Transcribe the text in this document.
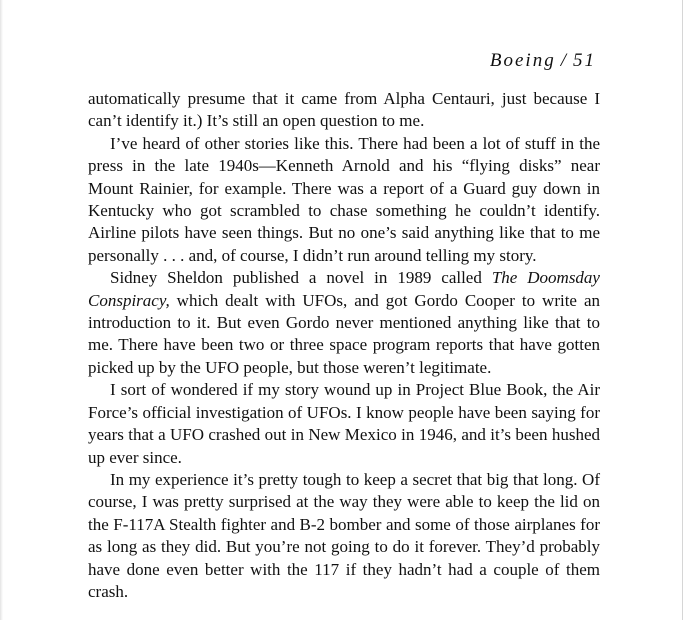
Boeing / 51

automatically presume that it came from Alpha Centauri, just because I can’t identify it.) It’s still an open question to me.

I’ve heard of other stories like this. There had been a lot of stuff in the press in the late 1940s—Kenneth Arnold and his “flying disks” near Mount Rainier, for example. There was a report of a Guard guy down in Kentucky who got scrambled to chase something he couldn’t identify. Airline pilots have seen things. But no one’s said anything like that to me personally . . . and, of course, I didn’t run around telling my story.

Sidney Sheldon published a novel in 1989 called The Doomsday Conspiracy, which dealt with UFOs, and got Gordo Cooper to write an introduction to it. But even Gordo never mentioned anything like that to me. There have been two or three space program reports that have gotten picked up by the UFO people, but those weren’t legitimate.

I sort of wondered if my story wound up in Project Blue Book, the Air Force’s official investigation of UFOs. I know people have been saying for years that a UFO crashed out in New Mexico in 1946, and it’s been hushed up ever since.

In my experience it’s pretty tough to keep a secret that big that long. Of course, I was pretty surprised at the way they were able to keep the lid on the F-117A Stealth fighter and B-2 bomber and some of those airplanes for as long as they did. But you’re not going to do it forever. They’d probably have done even better with the 117 if they hadn’t had a couple of them crash.
